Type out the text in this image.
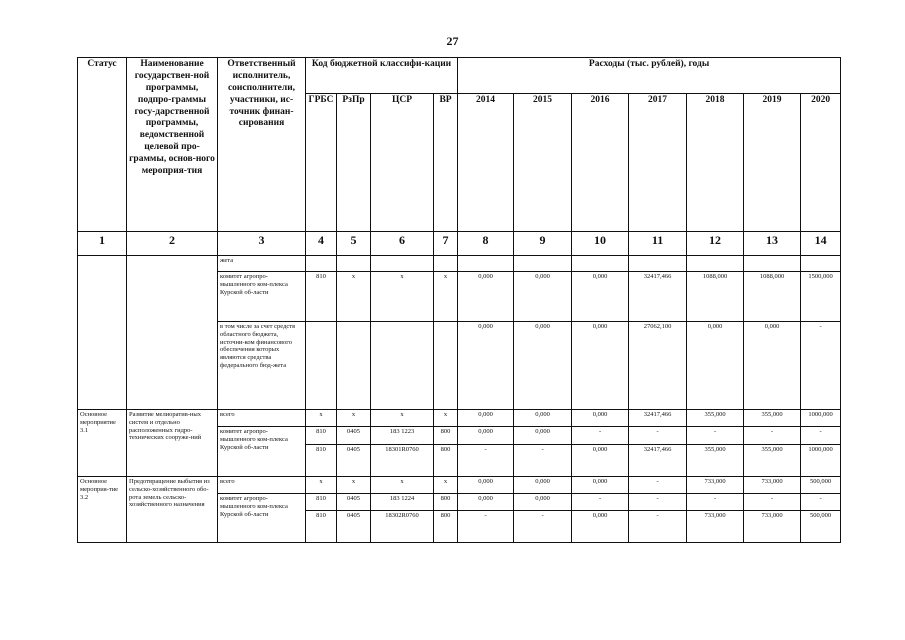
27
Статус	Наименование государствен-ной программы, подпро-граммы госу-дарственной программы, ведомственной целевой про-граммы, основ-ного мероприя-тия	Ответственный исполнитель, соисполнители, участники, ис-точник финан-сирования	Код бюджетной классифи-кации				Расходы (тыс. рублей), годы						
			ГРБС	РзПр	ЦСР	ВР	2014	2015	2016	2017	2018	2019	2020
1	2	3	4	5	6	7	8	9	10	11	12	13	14
		жета											
		комитет агропро-мышленного ком-плекса Курской об-ласти	810	х	х	х	0,000	0,000	0,000	32417,466	1088,000	1088,000	1500,000
		в том числе за счет средств областного бюджета, источни-ком финансового обеспечения которых являются средства федерального бюд-жета					0,000	0,000	0,000	27062,100	0,000	0,000	-
Основное мероприятие 3.1	Развитие мелиоратив-ных систем и отдельно расположенных гидро-технических сооруже-ний	всего	х	х	х	х	0,000	0,000	0,000	32417,466	355,000	355,000	1000,000
		комитет агропро-мышленного ком-плекса Курской об-ласти	810	0405	183 1223	800	0,000	0,000	-	-	-	-	-
			810	0405	18301R0760	800	-	-	0,000	32417,466	355,000	355,000	1000,000
Основное мероприя-тие 3.2	Предотвращение выбытия из сельско-хозяйственного обо-рота земель сельско-хозяйственного назначения	всего	х	х	х	х	0,000	0,000	0,000	-	733,000	733,000	500,000
		комитет агропро-мышленного ком-плекса Курской об-ласти	810	0405	183 1224	800	0,000	0,000	-	-	-	-	-
			810	0405	18302R0760	800	-	-	0,000	-	733,000	733,000	500,000
